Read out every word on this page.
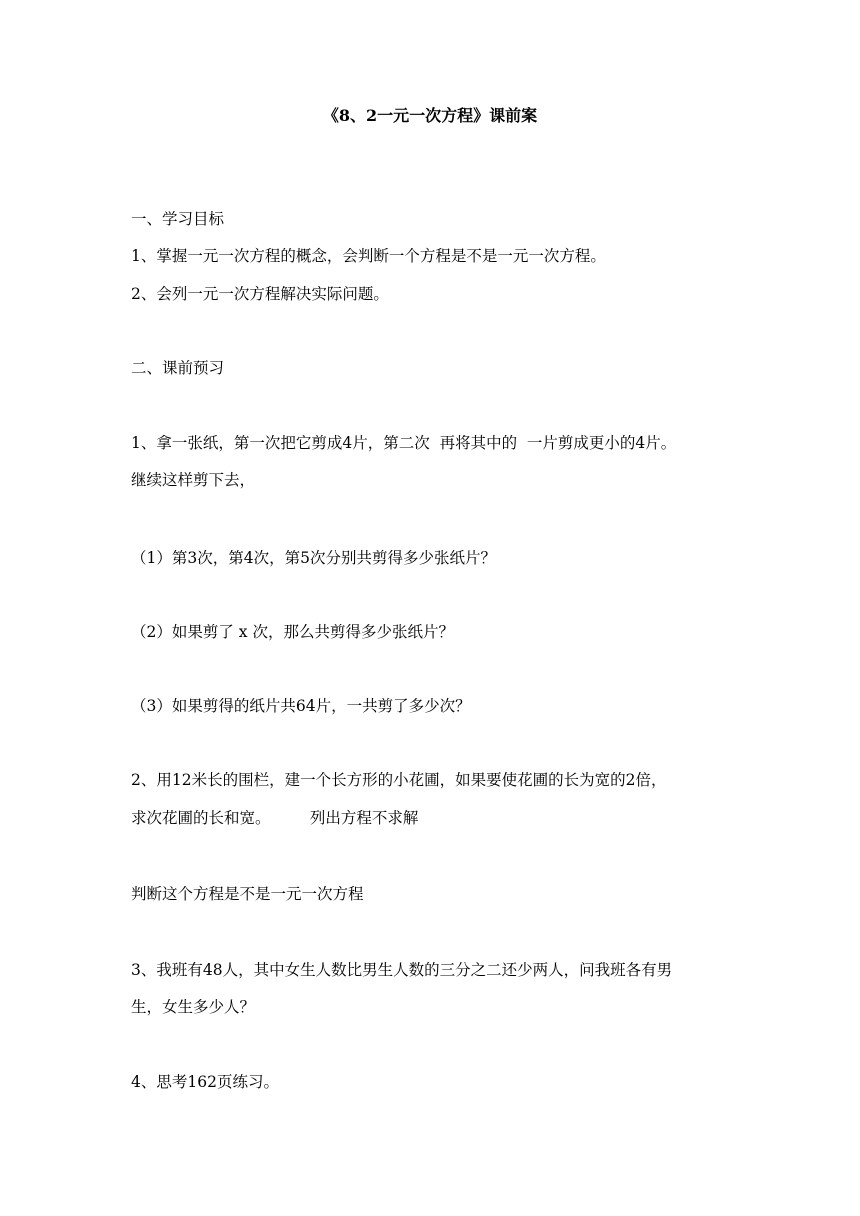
《8、2一元一次方程》课前案
一、学习目标
1、掌握一元一次方程的概念，会判断一个方程是不是一元一次方程。
2、会列一元一次方程解决实际问题。
二、课前预习
1、拿一张纸，第一次把它剪成4片，第二次  再将其中的  一片剪成更小的4片。
继续这样剪下去，
（1）第3次，第4次，第5次分别共剪得多少张纸片？
（2）如果剪了 x 次，那么共剪得多少张纸片？
（3）如果剪得的纸片共64片，一共剪了多少次？
2、用12米长的围栏，建一个长方形的小花圃，如果要使花圃的长为宽的2倍，
求次花圃的长和宽。        列出方程不求解
判断这个方程是不是一元一次方程
3、我班有48人，其中女生人数比男生人数的三分之二还少两人，问我班各有男
生，女生多少人？
4、思考162页练习。
